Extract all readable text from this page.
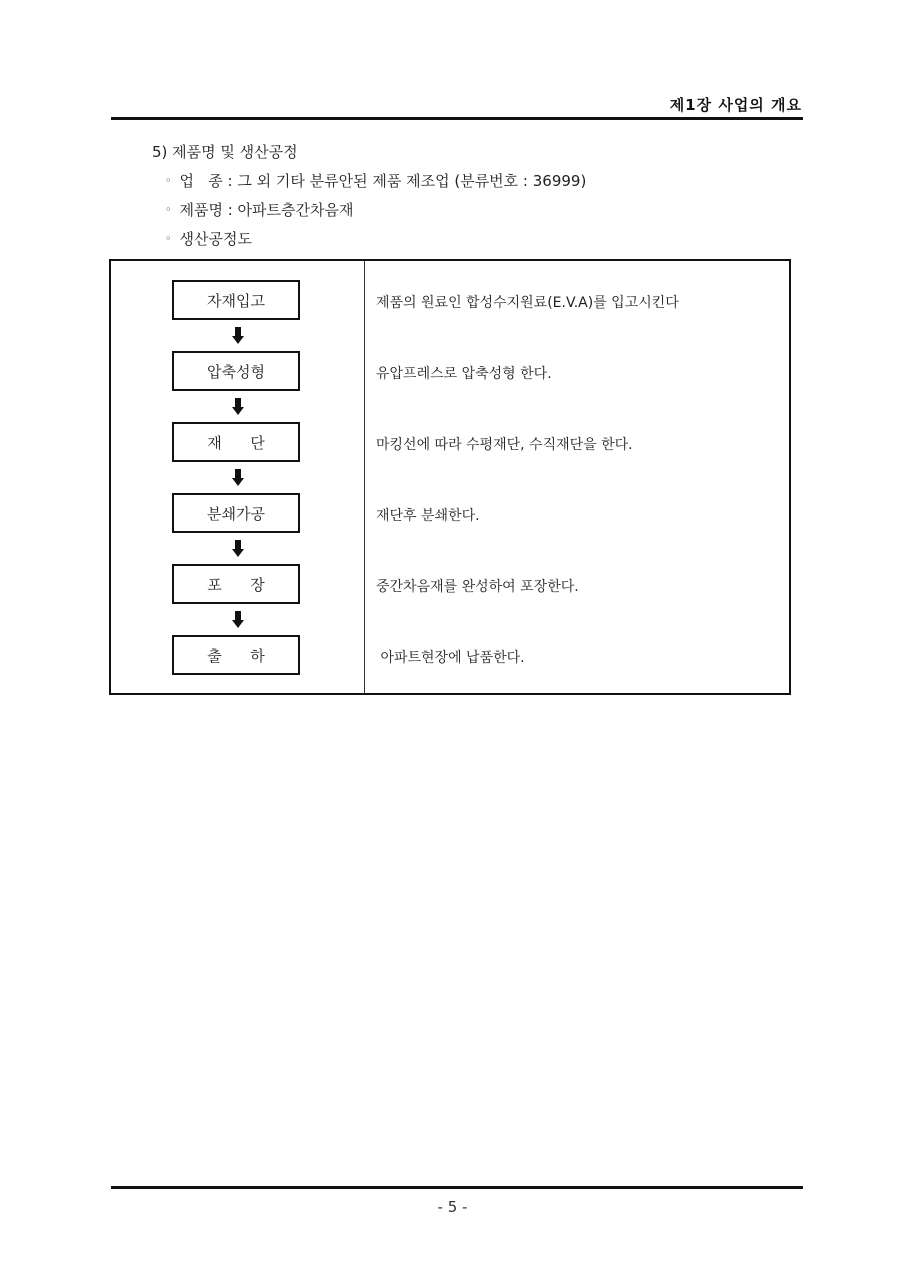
제1장 사업의 개요
5) 제품명 및 생산공정
◦ 업   종 : 그 외 기타 분류안된 제품 제조업 (분류번호 : 36999)
◦ 제품명 : 아파트층간차음재
◦ 생산공정도
자재입고
압축성형
재      단
분쇄가공
포      장
출      하
제품의 원료인 합성수지원료(E.V.A)를 입고시킨다
유압프레스로 압축성형 한다.
마킹선에 따라 수평재단, 수직재단을 한다.
재단후 분쇄한다.
중간차음재를 완성하여 포장한다.
아파트현장에 납품한다.
- 5 -
